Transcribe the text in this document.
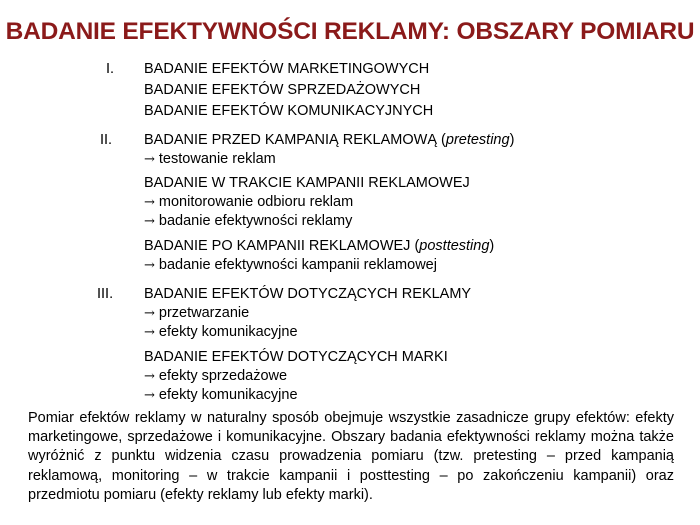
BADANIE EFEKTYWNOŚCI REKLAMY: OBSZARY POMIARU
I. BADANIE EFEKTÓW MARKETINGOWYCH
BADANIE EFEKTÓW SPRZEDAŻOWYCH
BADANIE EFEKTÓW KOMUNIKACYJNYCH
II. BADANIE PRZED KAMPANIĄ REKLAMOWĄ (pretesting)
→ testowanie reklam
BADANIE W TRAKCIE KAMPANII REKLAMOWEJ
→ monitorowanie odbioru reklam
→ badanie efektywności reklamy
BADANIE PO KAMPANII REKLAMOWEJ (posttesting)
→ badanie efektywności kampanii reklamowej
III. BADANIE EFEKTÓW DOTYCZĄCYCH REKLAMY
→ przetwarzanie
→ efekty komunikacyjne
BADANIE EFEKTÓW DOTYCZĄCYCH MARKI
→ efekty sprzedażowe
→ efekty komunikacyjne
Pomiar efektów reklamy w naturalny sposób obejmuje wszystkie zasadnicze grupy efektów: efekty marketingowe, sprzedażowe i komunikacyjne. Obszary badania efektywności reklamy można także wyróżnić z punktu widzenia czasu prowadzenia pomiaru (tzw. pretesting – przed kampanią reklamową, monitoring – w trakcie kampanii i posttesting – po zakończeniu kampanii) oraz przedmiotu pomiaru (efekty reklamy lub efekty marki).
